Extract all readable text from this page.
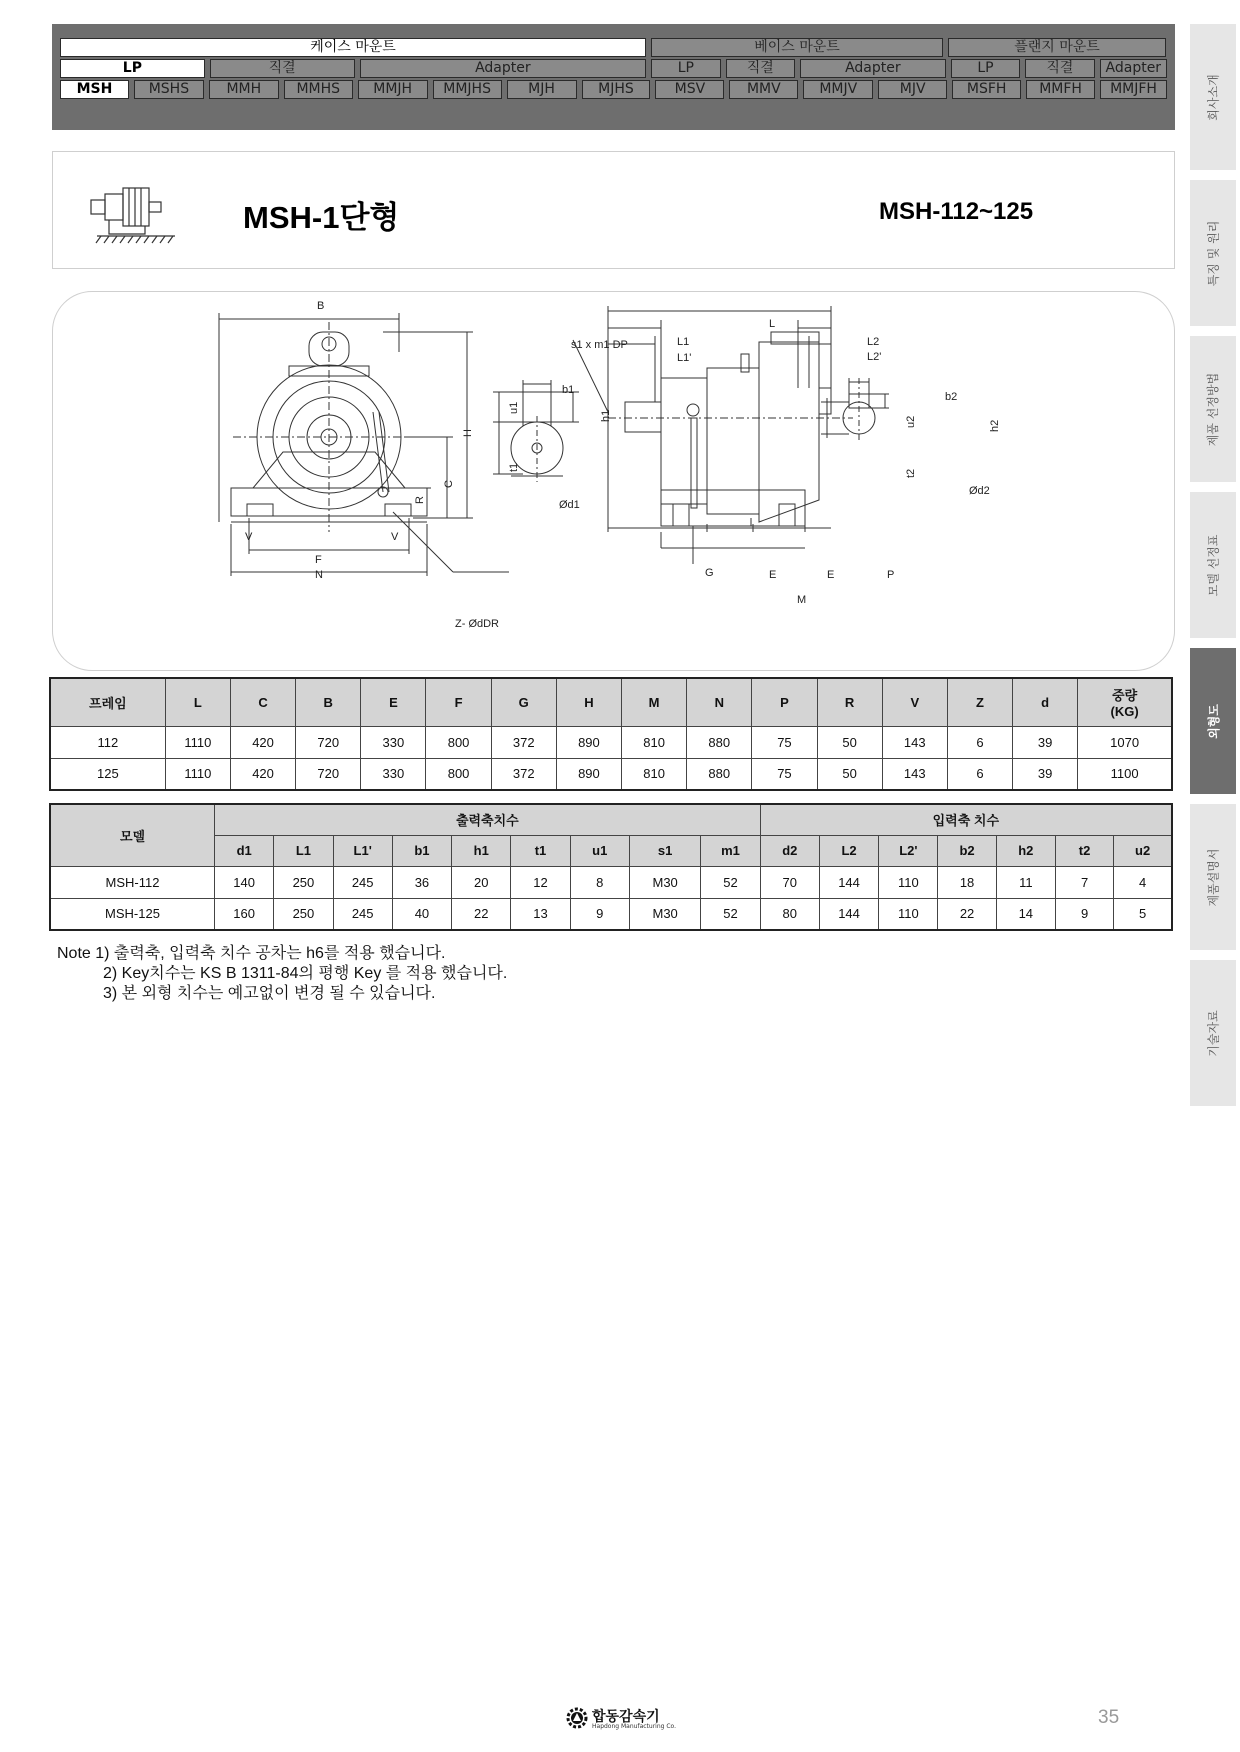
케이스 마운트	베이스 마운트	플랜지 마운트
LP	직결	Adapter	LP	직결	Adapter	LP	직결	Adapter
MSH	MSHS	MMH	MMHS	MMJH	MMJHS	MJH	MJHS	MSV	MMV	MMJV	MJV	MSFH	MMFH	MMJFH
MSH-1단형	MSH-112~125
B
H
C
R
V	V
F
N
Z- ØdDR
b1
u1
h1
t1
Ød1
L
s1 x m1 DP	L1
L1'
L2
L2'
G	E	E	P
M
b2
u2	h2
t2
Ød2
프레임	L	C	B	E	F	G	H	M	N	P	R	V	Z	d	중량
(KG)

112	1110	420	720	330	800	372	890	810	880	75	50	143	6	39	1070
125	1110	420	720	330	800	372	890	810	880	75	50	143	6	39	1100
모델	출력축치수									입력축 치수						
	d1	L1	L1'	b1	h1	t1	u1	s1	m1	d2	L2	L2'	b2	h2	t2	u2
MSH-112	140	250	245	36	20	12	8	M30	52	70	144	110	18	11	7	4
MSH-125	160	250	245	40	22	13	9	M30	52	80	144	110	22	14	9	5
Note 1) 출력축, 입력축 치수 공차는 h6를 적용 했습니다.
2) Key치수는 KS B 1311-84의 평행 Key 를 적용 했습니다.
3) 본 외형 치수는 예고없이 변경 될 수 있습니다.
회사소개
특징 및 원리
제품 선정방법
모델 선정표
외형도
제품설명서
기술자료
합동감속기
Hapdong Manufacturing Co.	35
